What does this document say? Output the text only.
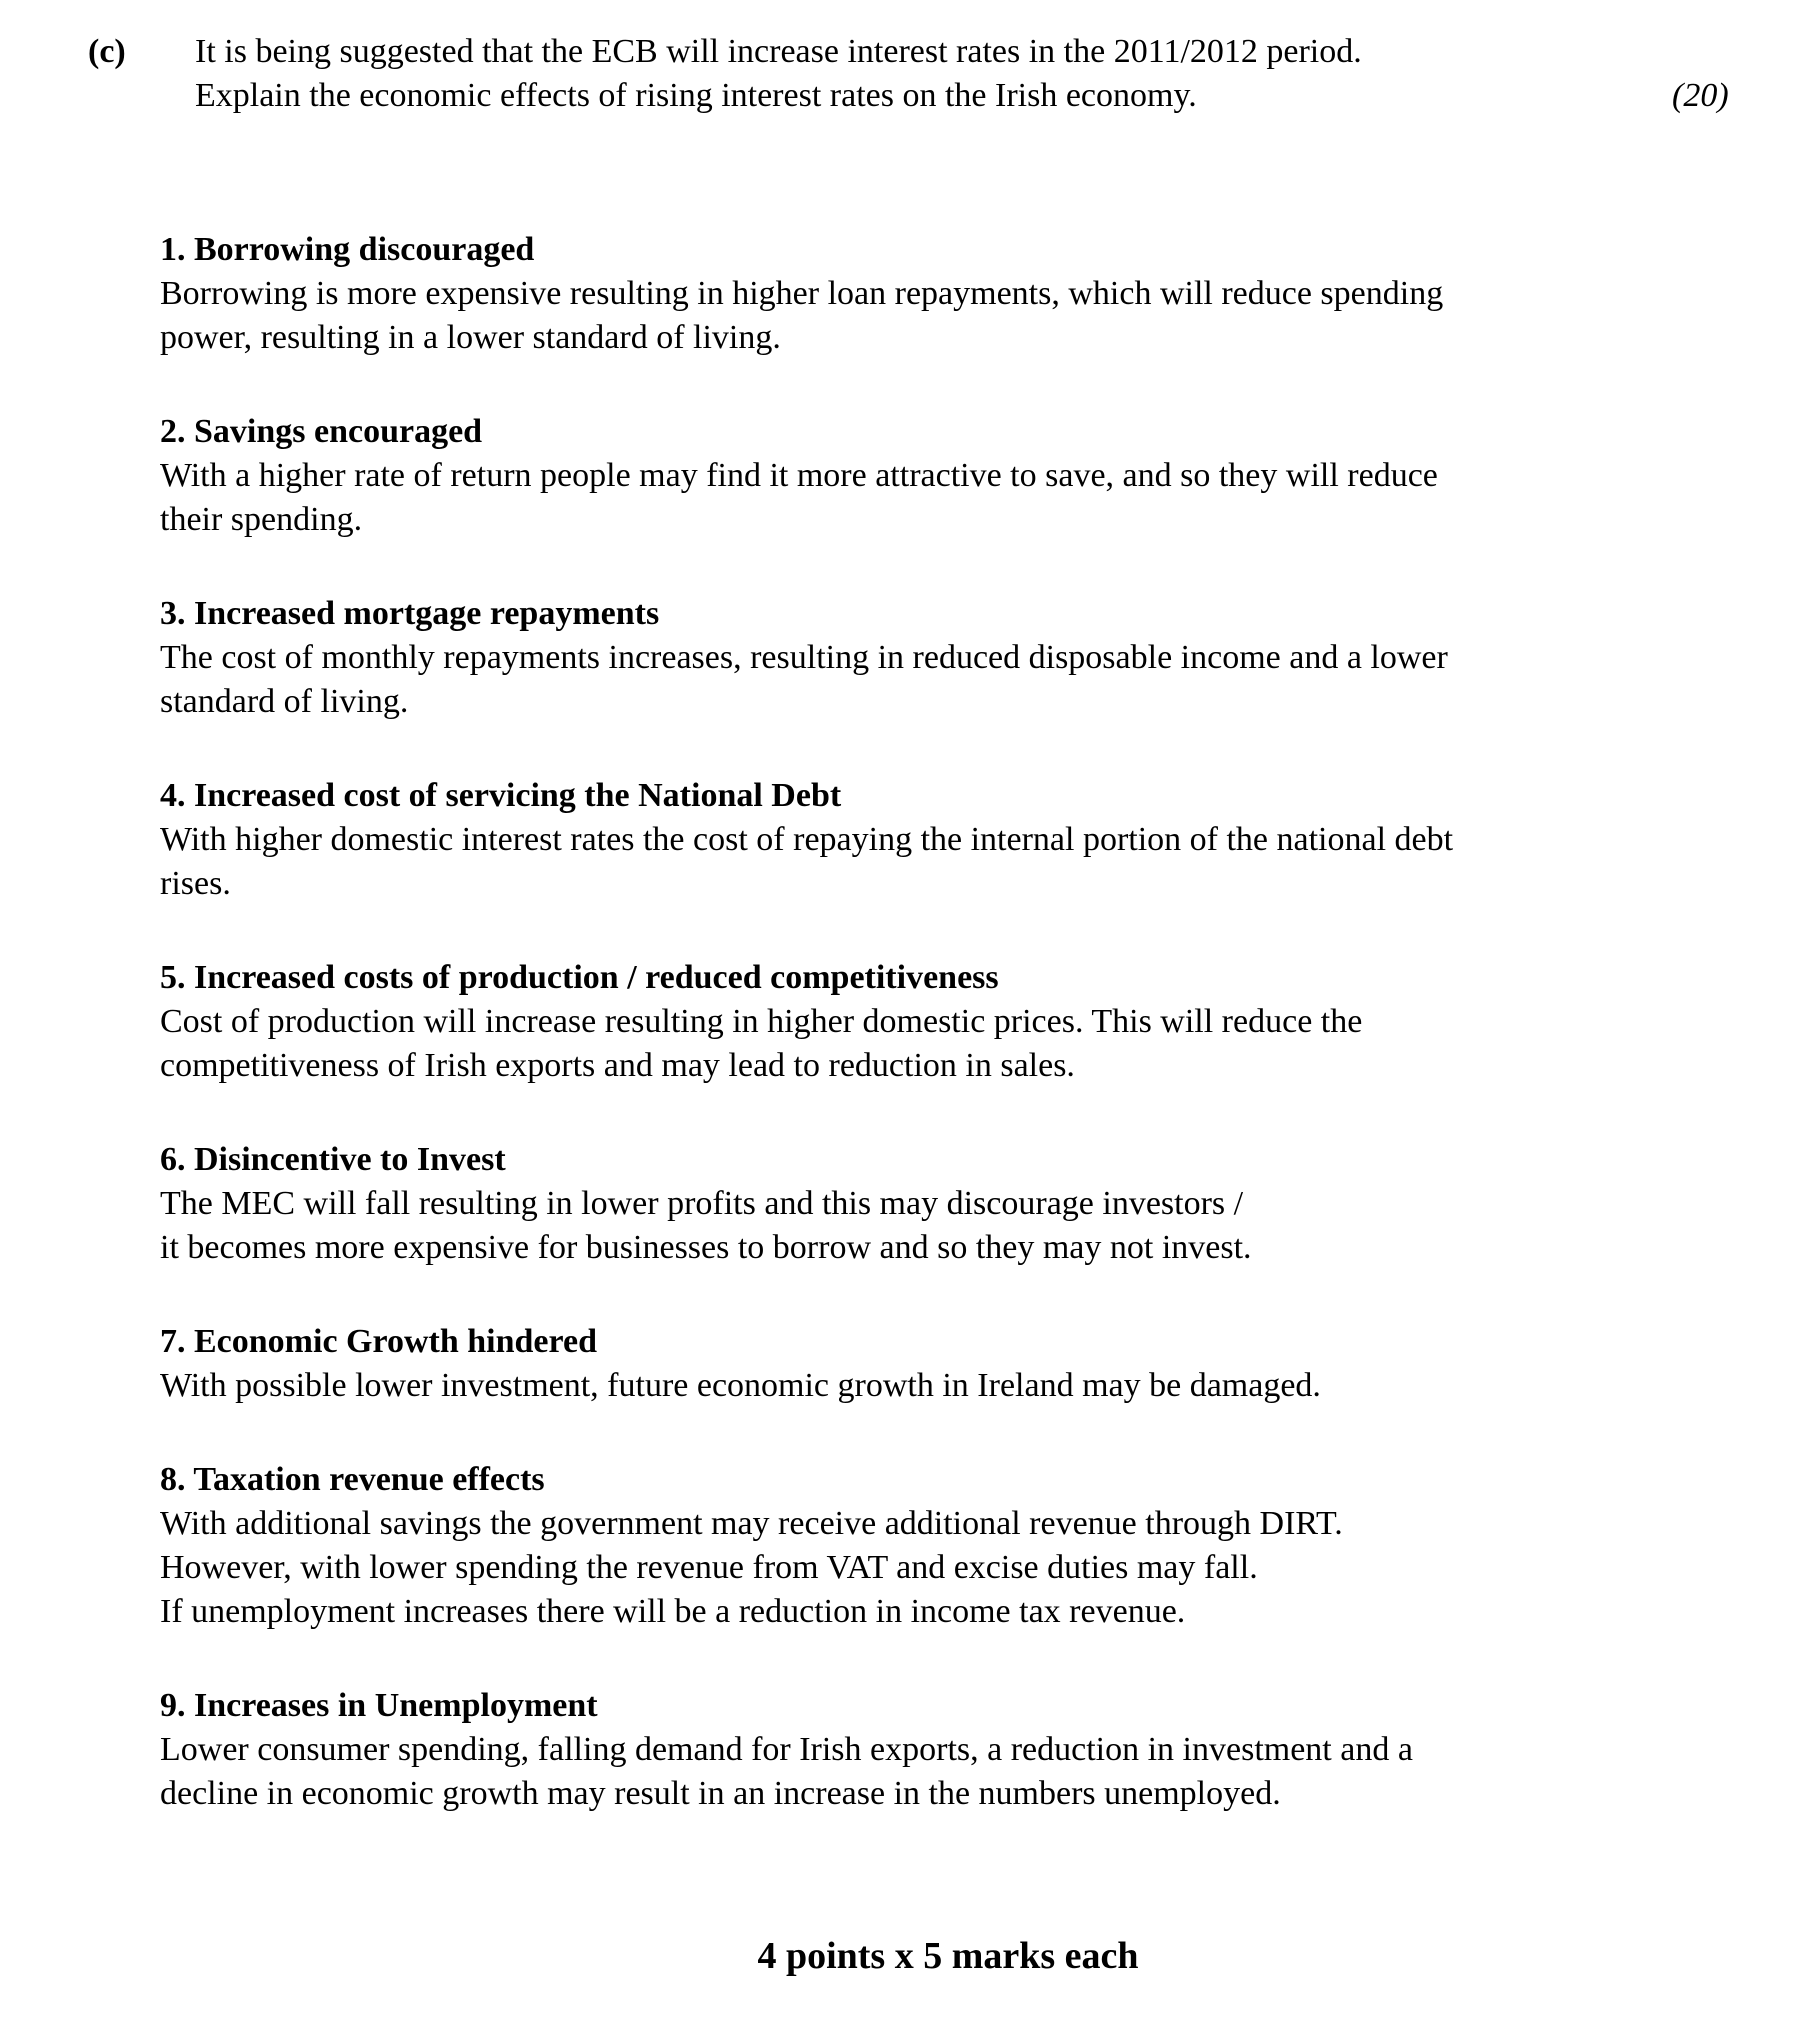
(c) It is being suggested that the ECB will increase interest rates in the 2011/2012 period.
Explain the economic effects of rising interest rates on the Irish economy.	(20)
1. Borrowing discouraged
Borrowing is more expensive resulting in higher loan repayments, which will reduce spending
power, resulting in a lower standard of living.
2. Savings encouraged
With a higher rate of return people may find it more attractive to save, and so they will reduce
their spending.
3. Increased mortgage repayments
The cost of monthly repayments increases, resulting in reduced disposable income and a lower
standard of living.
4. Increased cost of servicing the National Debt
With higher domestic interest rates the cost of repaying the internal portion of the national debt
rises.
5. Increased costs of production / reduced competitiveness
Cost of production will increase resulting in higher domestic prices. This will reduce the
competitiveness of Irish exports and may lead to reduction in sales.
6. Disincentive to Invest
The MEC will fall resulting in lower profits and this may discourage investors /
it becomes more expensive for businesses to borrow and so they may not invest.
7. Economic Growth hindered
With possible lower investment, future economic growth in Ireland may be damaged.
8. Taxation revenue effects
With additional savings the government may receive additional revenue through DIRT.
However, with lower spending the revenue from VAT and excise duties may fall.
If unemployment increases there will be a reduction in income tax revenue.
9. Increases in Unemployment
Lower consumer spending, falling demand for Irish exports, a reduction in investment and a
decline in economic growth may result in an increase in the numbers unemployed.
4 points x 5 marks each
